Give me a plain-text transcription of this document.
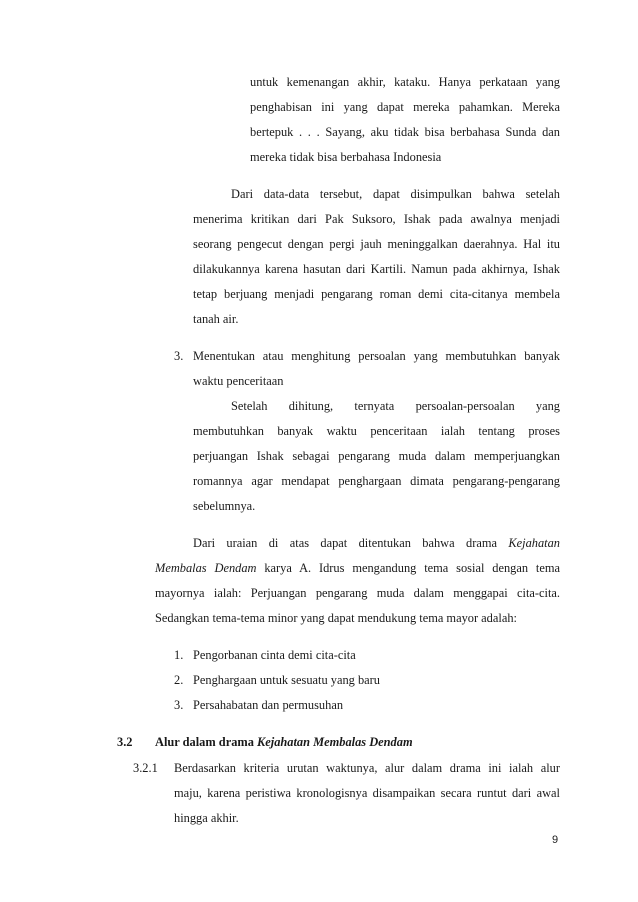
untuk kemenangan akhir, kataku. Hanya perkataan yang
penghabisan ini yang dapat mereka pahamkan. Mereka
bertepuk . . . Sayang, aku tidak bisa berbahasa Sunda dan
mereka tidak bisa berbahasa Indonesia
Dari data-data tersebut, dapat disimpulkan bahwa setelah
menerima kritikan dari Pak Suksoro, Ishak pada awalnya menjadi
seorang pengecut dengan pergi jauh meninggalkan daerahnya. Hal itu
dilakukannya karena hasutan dari Kartili. Namun pada akhirnya, Ishak
tetap berjuang menjadi pengarang roman demi cita-citanya membela
tanah air.
3. Menentukan atau menghitung persoalan yang membutuhkan banyak
waktu penceritaan
Setelah dihitung, ternyata persoalan-persoalan yang
membutuhkan banyak waktu penceritaan ialah tentang proses
perjuangan Ishak sebagai pengarang muda dalam memperjuangkan
romannya agar mendapat penghargaan dimata pengarang-pengarang
sebelumnya.
Dari uraian di atas dapat ditentukan bahwa drama Kejahatan
Membalas Dendam karya A. Idrus mengandung tema sosial dengan tema
mayornya ialah: Perjuangan pengarang muda dalam menggapai cita-cita.
Sedangkan tema-tema minor yang dapat mendukung tema mayor adalah:
1. Pengorbanan cinta demi cita-cita
2. Penghargaan untuk sesuatu yang baru
3. Persahabatan dan permusuhan
3.2 Alur dalam drama Kejahatan Membalas Dendam
3.2.1 Berdasarkan kriteria urutan waktunya, alur dalam drama ini ialah alur
maju, karena peristiwa kronologisnya disampaikan secara runtut dari awal
hingga akhir.
9
